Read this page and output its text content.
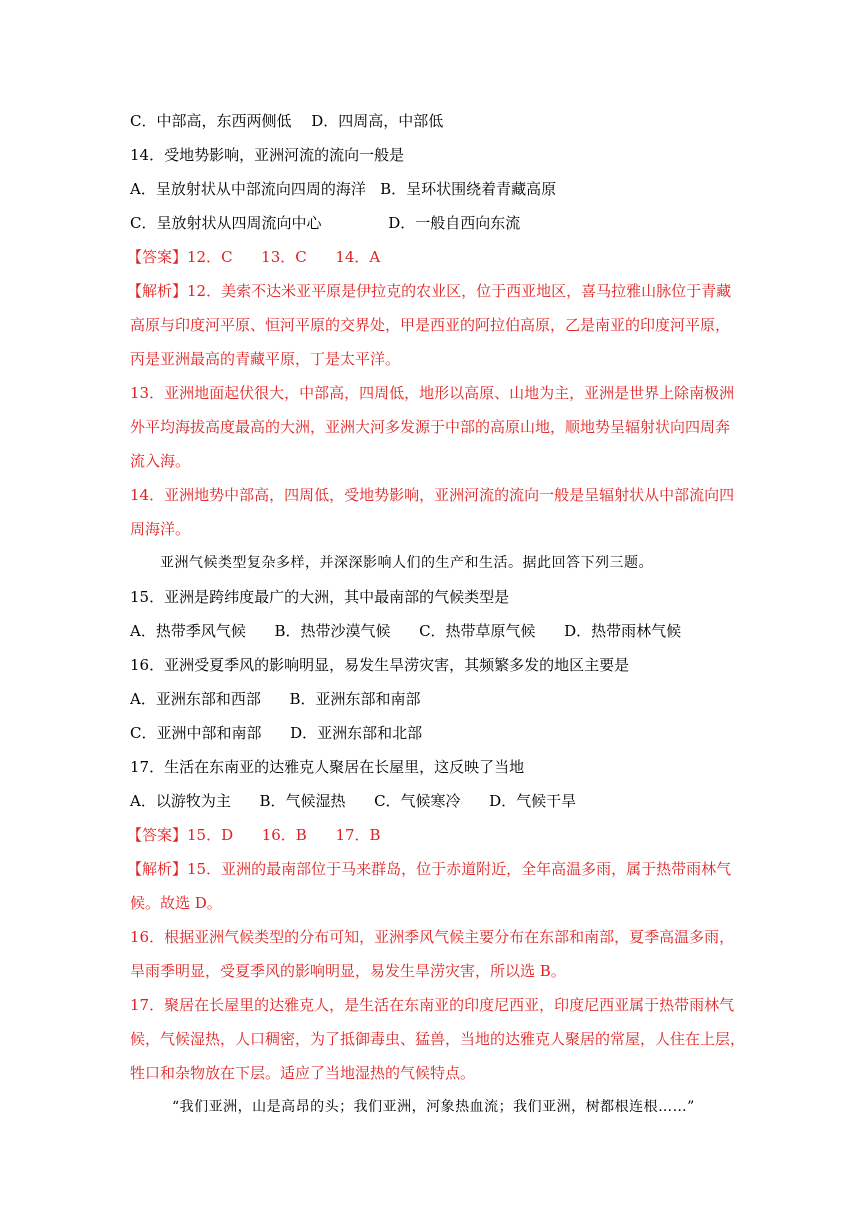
C．中部高，东西两侧低　 D．四周高，中部低
14．受地势影响，亚洲河流的流向一般是
A．呈放射状从中部流向四周的海洋   B．呈环状围绕着青藏高原
C．呈放射状从四周流向中心              D．一般自西向东流
【答案】12．C      13．C      14．A
【解析】12．美索不达米亚平原是伊拉克的农业区，位于西亚地区，喜马拉雅山脉位于青藏
高原与印度河平原、恒河平原的交界处，甲是西亚的阿拉伯高原，乙是南亚的印度河平原，
丙是亚洲最高的青藏平原，丁是太平洋。
13．亚洲地面起伏很大，中部高，四周低，地形以高原、山地为主，亚洲是世界上除南极洲
外平均海拔高度最高的大洲，亚洲大河多发源于中部的高原山地，顺地势呈辐射状向四周奔
流入海。
14．亚洲地势中部高，四周低，受地势影响，亚洲河流的流向一般是呈辐射状从中部流向四
周海洋。
亚洲气候类型复杂多样，并深深影响人们的生产和生活。据此回答下列三题。
15．亚洲是跨纬度最广的大洲，其中最南部的气候类型是
A．热带季风气候      B．热带沙漠气候      C．热带草原气候      D．热带雨林气候
16．亚洲受夏季风的影响明显，易发生旱涝灾害，其频繁多发的地区主要是
A．亚洲东部和西部      B．亚洲东部和南部
C．亚洲中部和南部      D．亚洲东部和北部
17．生活在东南亚的达雅克人聚居在长屋里，这反映了当地
A．以游牧为主      B．气候湿热      C．气候寒冷      D．气候干旱
【答案】15．D      16．B      17．B
【解析】15．亚洲的最南部位于马来群岛，位于赤道附近，全年高温多雨，属于热带雨林气
候。故选 D。
16．根据亚洲气候类型的分布可知，亚洲季风气候主要分布在东部和南部，夏季高温多雨，
旱雨季明显，受夏季风的影响明显，易发生旱涝灾害，所以选 B。
17．聚居在长屋里的达雅克人，是生活在东南亚的印度尼西亚，印度尼西亚属于热带雨林气
候，气候湿热，人口稠密，为了抵御毒虫、猛兽，当地的达雅克人聚居的常屋，人住在上层，
牲口和杂物放在下层。适应了当地湿热的气候特点。
“我们亚洲，山是高昂的头；我们亚洲，河象热血流；我们亚洲，树都根连根……”
